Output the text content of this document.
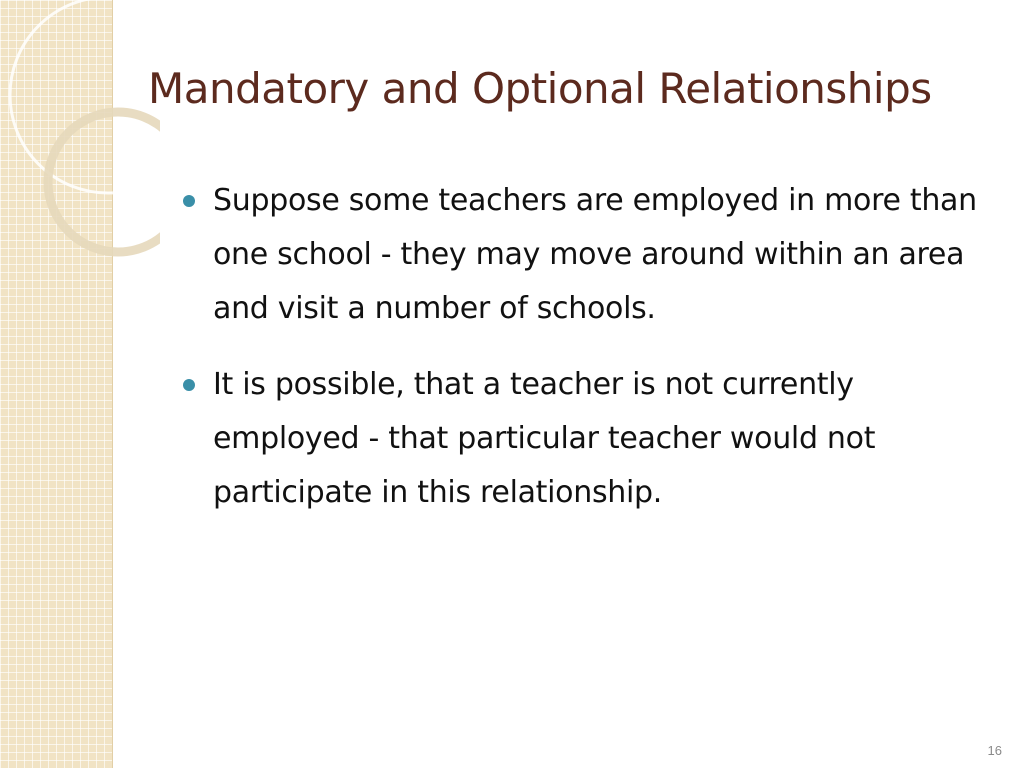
Mandatory and Optional Relationships
Suppose some teachers are employed in more than one school - they may move around within an area and visit a number of schools.
It is possible, that a teacher is not currently employed - that particular teacher would not participate in this relationship.
16
